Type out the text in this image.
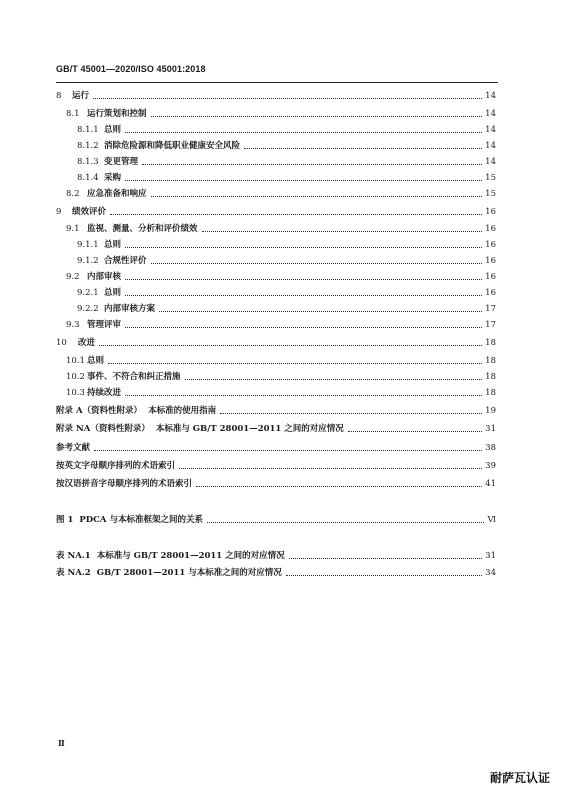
GB/T 45001—2020/ISO 45001:2018
8	运行	14
8.1 运行策划和控制	14
8.1.1 总则	14
8.1.2 消除危险源和降低职业健康安全风险	14
8.1.3 变更管理	14
8.1.4 采购	15
8.2 应急准备和响应	15
9	绩效评价	16
9.1 监视、测量、分析和评价绩效	16
9.1.1 总则	16
9.1.2 合规性评价	16
9.2 内部审核	16
9.2.1 总则	16
9.2.2 内部审核方案	17
9.3 管理评审	17
10	改进	18
10.1 总则	18
10.2 事件、不符合和纠正措施	18
10.3 持续改进	18
附录 A（资料性附录） 本标准的使用指南	19
附录 NA（资料性附录） 本标准与 GB/T 28001—2011 之间的对应情况	31
参考文献	38
按英文字母顺序排列的术语索引	39
按汉语拼音字母顺序排列的术语索引	41
图 1 PDCA 与本标准框架之间的关系	Ⅵ
表 NA.1 本标准与 GB/T 28001—2011 之间的对应情况	31
表 NA.2 GB/T 28001—2011 与本标准之间的对应情况	34
Ⅱ
耐萨瓦认证
